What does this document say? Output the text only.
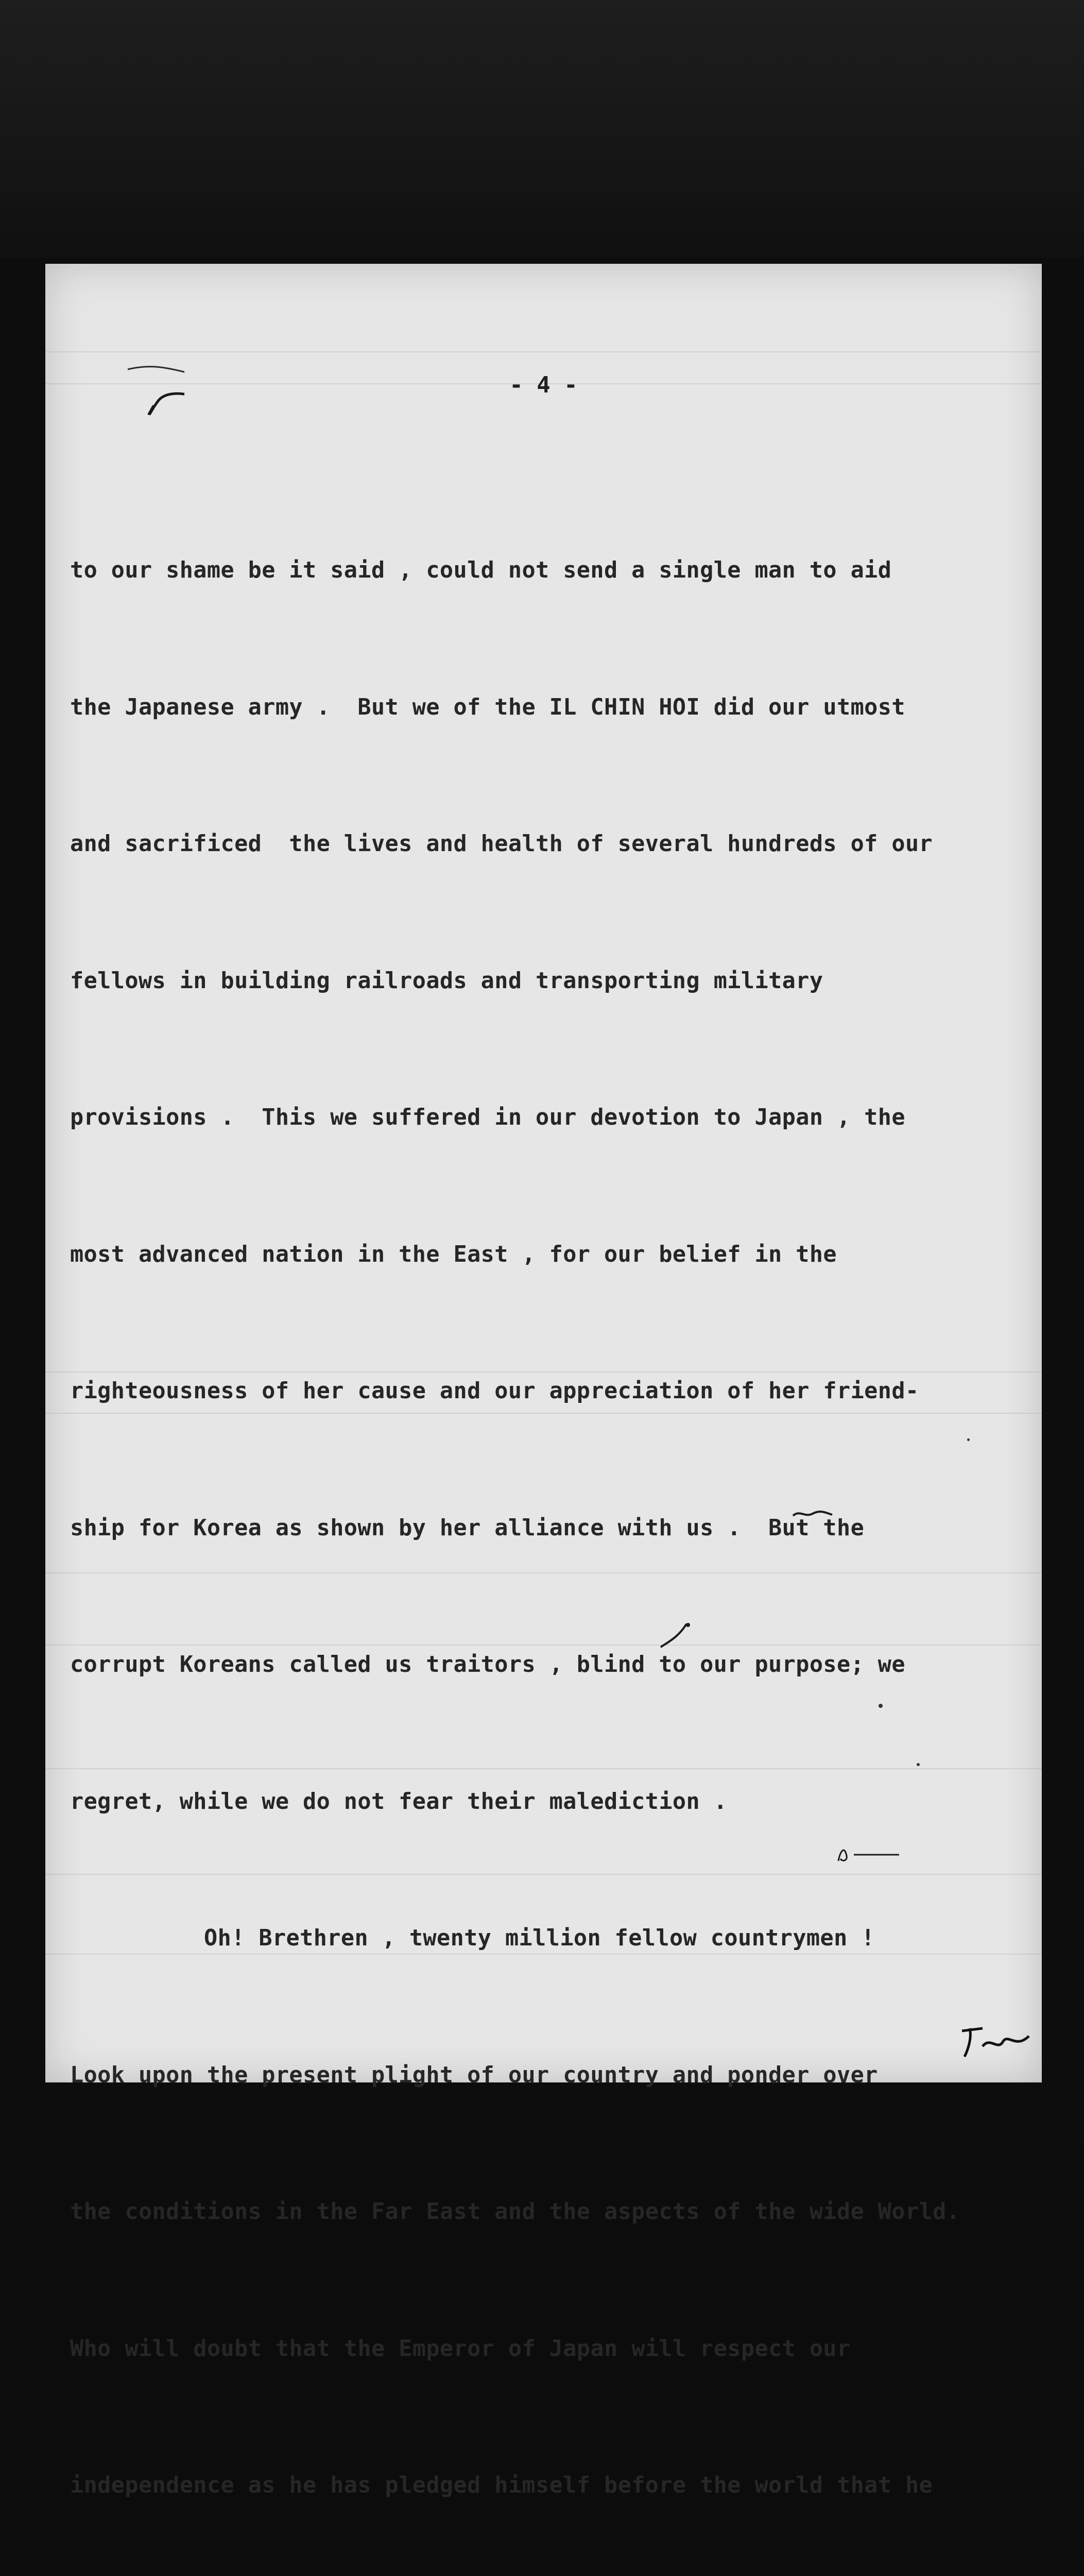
- 4 -

to our shame be it said , could not send a single man to aid

the Japanese army .  But we of the IL CHIN HOI did our utmost

and sacrificed  the lives and health of several hundreds of our

fellows in building railroads and transporting military

provisions .  This we suffered in our devotion to Japan , the

most advanced nation in the East , for our belief in the

righteousness of her cause and our appreciation of her friend-

ship for Korea as shown by her alliance with us .  But the

corrupt Koreans called us traitors , blind to our purpose; we

regret, while we do not fear their malediction .

Oh! Brethren , twenty million fellow countrymen !

Look upon the present plight of our country and ponder over

the conditions in the Far East and the aspects of the wide World.

Who will doubt that the Emperor of Japan will respect our

independence as he has pledged himself before the world that he
